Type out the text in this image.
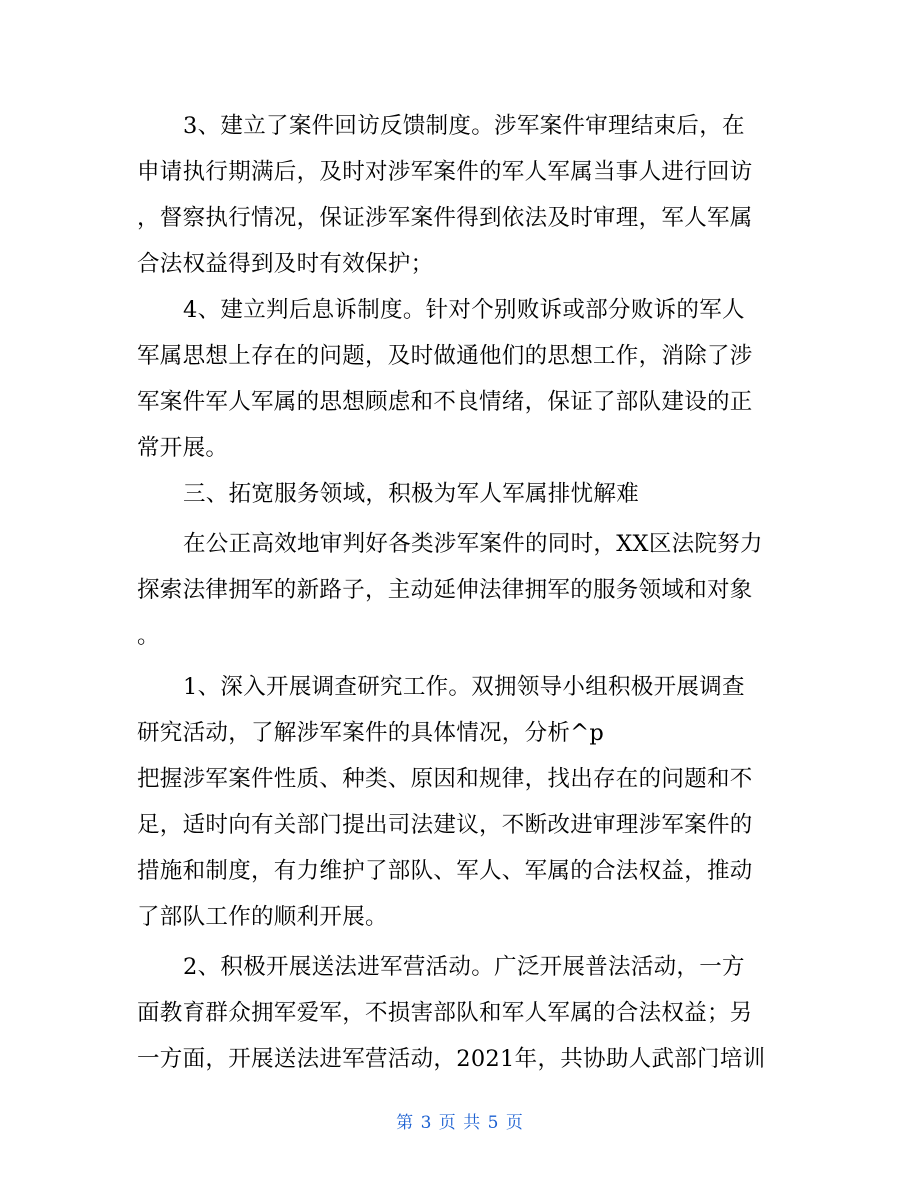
3、建立了案件回访反馈制度。涉军案件审理结束后，在
申请执行期满后，及时对涉军案件的军人军属当事人进行回访
，督察执行情况，保证涉军案件得到依法及时审理，军人军属
合法权益得到及时有效保护；
4、建立判后息诉制度。针对个别败诉或部分败诉的军人
军属思想上存在的问题，及时做通他们的思想工作，消除了涉
军案件军人军属的思想顾虑和不良情绪，保证了部队建设的正
常开展。
三、拓宽服务领域，积极为军人军属排忧解难
在公正高效地审判好各类涉军案件的同时，XX区法院努力
探索法律拥军的新路子，主动延伸法律拥军的服务领域和对象
。
1、深入开展调查研究工作。双拥领导小组积极开展调查
研究活动，了解涉军案件的具体情况，分析^p
把握涉军案件性质、种类、原因和规律，找出存在的问题和不
足，适时向有关部门提出司法建议，不断改进审理涉军案件的
措施和制度，有力维护了部队、军人、军属的合法权益，推动
了部队工作的顺利开展。
2、积极开展送法进军营活动。广泛开展普法活动，一方
面教育群众拥军爱军，不损害部队和军人军属的合法权益；另
一方面，开展送法进军营活动，2021年，共协助人武部门培训
第 3 页 共 5 页
